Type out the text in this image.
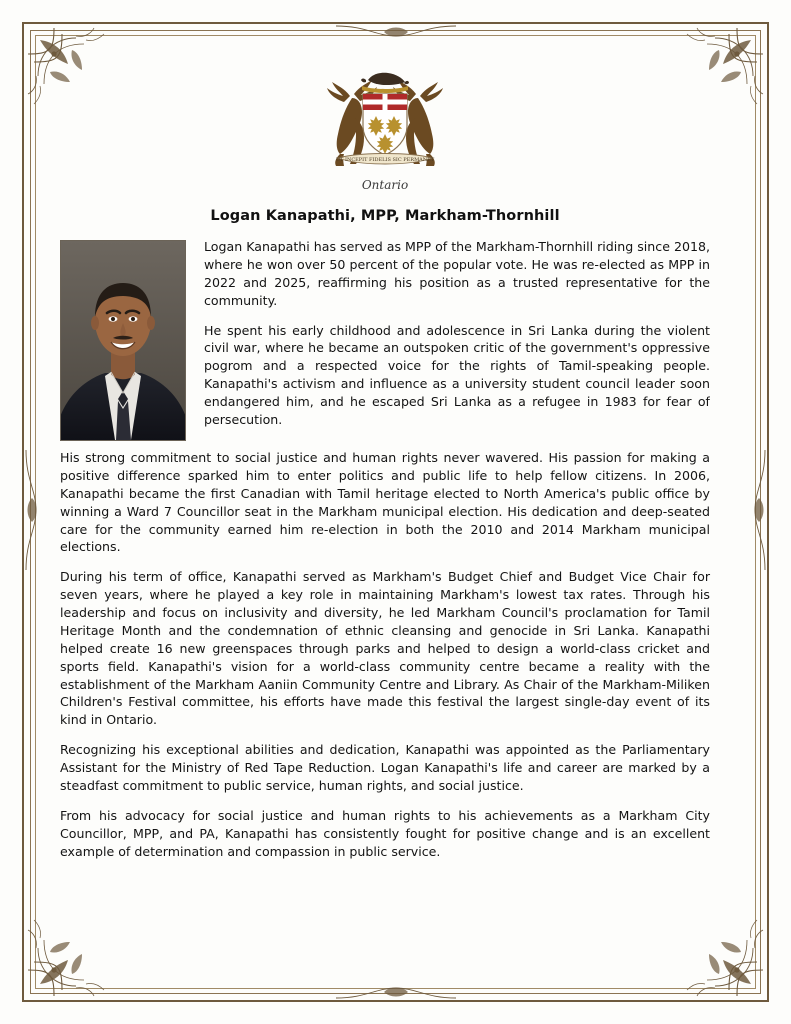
UT INCEPIT FIDELIS SIC PERMANET
Ontario
Logan Kanapathi, MPP, Markham-Thornhill

Logan Kanapathi has served as MPP of the Markham-Thornhill riding since 2018, where he won over 50 percent of the popular vote. He was re-elected as MPP in 2022 and 2025, reaffirming his position as a trusted representative for the community.

He spent his early childhood and adolescence in Sri Lanka during the violent civil war, where he became an outspoken critic of the government's oppressive pogrom and a respected voice for the rights of Tamil-speaking people. Kanapathi's activism and influence as a university student council leader soon endangered him, and he escaped Sri Lanka as a refugee in 1983 for fear of persecution.

His strong commitment to social justice and human rights never wavered. His passion for making a positive difference sparked him to enter politics and public life to help fellow citizens. In 2006, Kanapathi became the first Canadian with Tamil heritage elected to North America's public office by winning a Ward 7 Councillor seat in the Markham municipal election. His dedication and deep-seated care for the community earned him re-election in both the 2010 and 2014 Markham municipal elections.

During his term of office, Kanapathi served as Markham's Budget Chief and Budget Vice Chair for seven years, where he played a key role in maintaining Markham's lowest tax rates. Through his leadership and focus on inclusivity and diversity, he led Markham Council's proclamation for Tamil Heritage Month and the condemnation of ethnic cleansing and genocide in Sri Lanka. Kanapathi helped create 16 new greenspaces through parks and helped to design a world-class cricket and sports field. Kanapathi's vision for a world-class community centre became a reality with the establishment of the Markham Aaniin Community Centre and Library. As Chair of the Markham-Miliken Children's Festival committee, his efforts have made this festival the largest single-day event of its kind in Ontario.

Recognizing his exceptional abilities and dedication, Kanapathi was appointed as the Parliamentary Assistant for the Ministry of Red Tape Reduction. Logan Kanapathi's life and career are marked by a steadfast commitment to public service, human rights, and social justice.

From his advocacy for social justice and human rights to his achievements as a Markham City Councillor, MPP, and PA, Kanapathi has consistently fought for positive change and is an excellent example of determination and compassion in public service.
